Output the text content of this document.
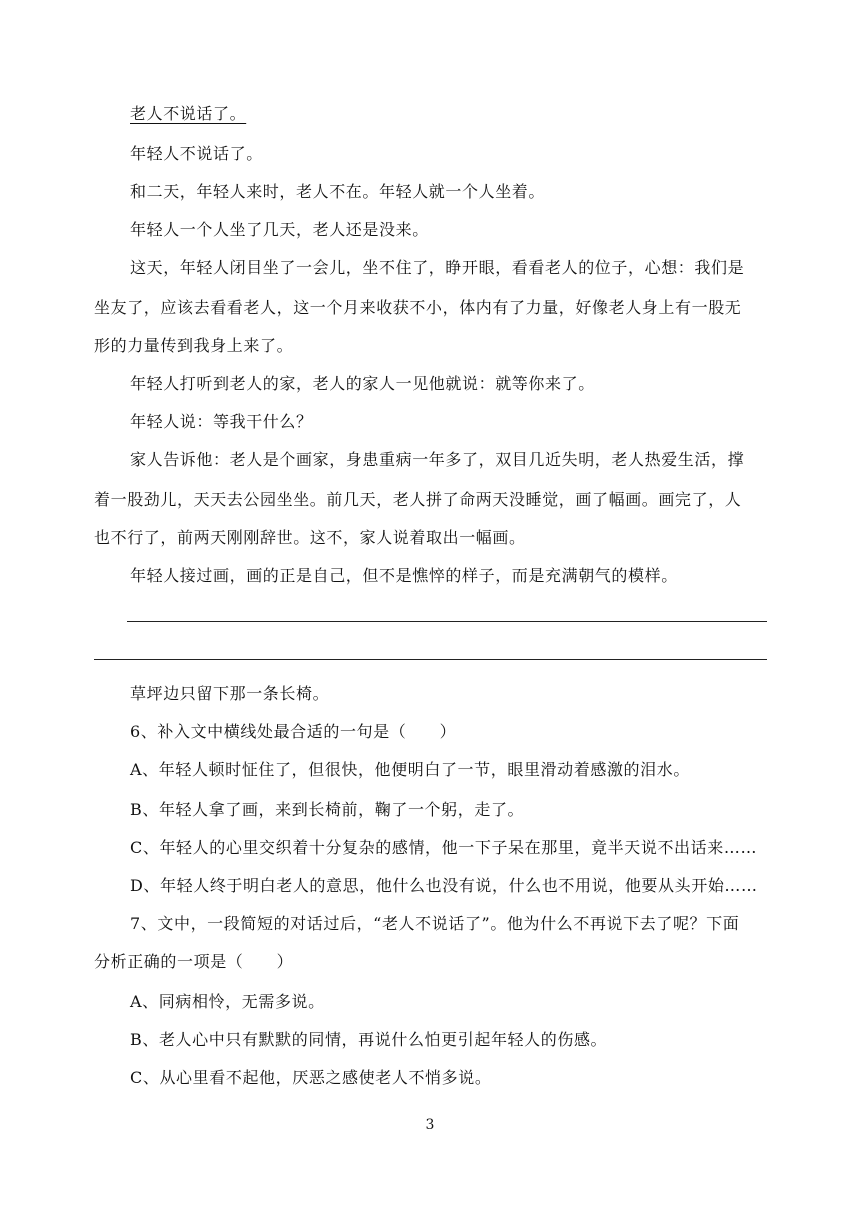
老人不说话了。
年轻人不说话了。
和二天，年轻人来时，老人不在。年轻人就一个人坐着。
年轻人一个人坐了几天，老人还是没来。
这天，年轻人闭目坐了一会儿，坐不住了，睁开眼，看看老人的位子，心想：我们是
坐友了，应该去看看老人，这一个月来收获不小，体内有了力量，好像老人身上有一股无
形的力量传到我身上来了。
年轻人打听到老人的家，老人的家人一见他就说：就等你来了。
年轻人说：等我干什么？
家人告诉他：老人是个画家，身患重病一年多了，双目几近失明，老人热爱生活，撑
着一股劲儿，天天去公园坐坐。前几天，老人拼了命两天没睡觉，画了幅画。画完了，人
也不行了，前两天刚刚辞世。这不，家人说着取出一幅画。
年轻人接过画，画的正是自己，但不是憔悴的样子，而是充满朝气的模样。
草坪边只留下那一条长椅。
6、补入文中横线处最合适的一句是（　　）
A、年轻人顿时怔住了，但很快，他便明白了一节，眼里滑动着感激的泪水。
B、年轻人拿了画，来到长椅前，鞠了一个躬，走了。
C、年轻人的心里交织着十分复杂的感情，他一下子呆在那里，竟半天说不出话来……
D、年轻人终于明白老人的意思，他什么也没有说，什么也不用说，他要从头开始……
7、文中，一段简短的对话过后，“老人不说话了”。他为什么不再说下去了呢？下面
分析正确的一项是（　　）
A、同病相怜，无需多说。
B、老人心中只有默默的同情，再说什么怕更引起年轻人的伤感。
C、从心里看不起他，厌恶之感使老人不悄多说。
3
